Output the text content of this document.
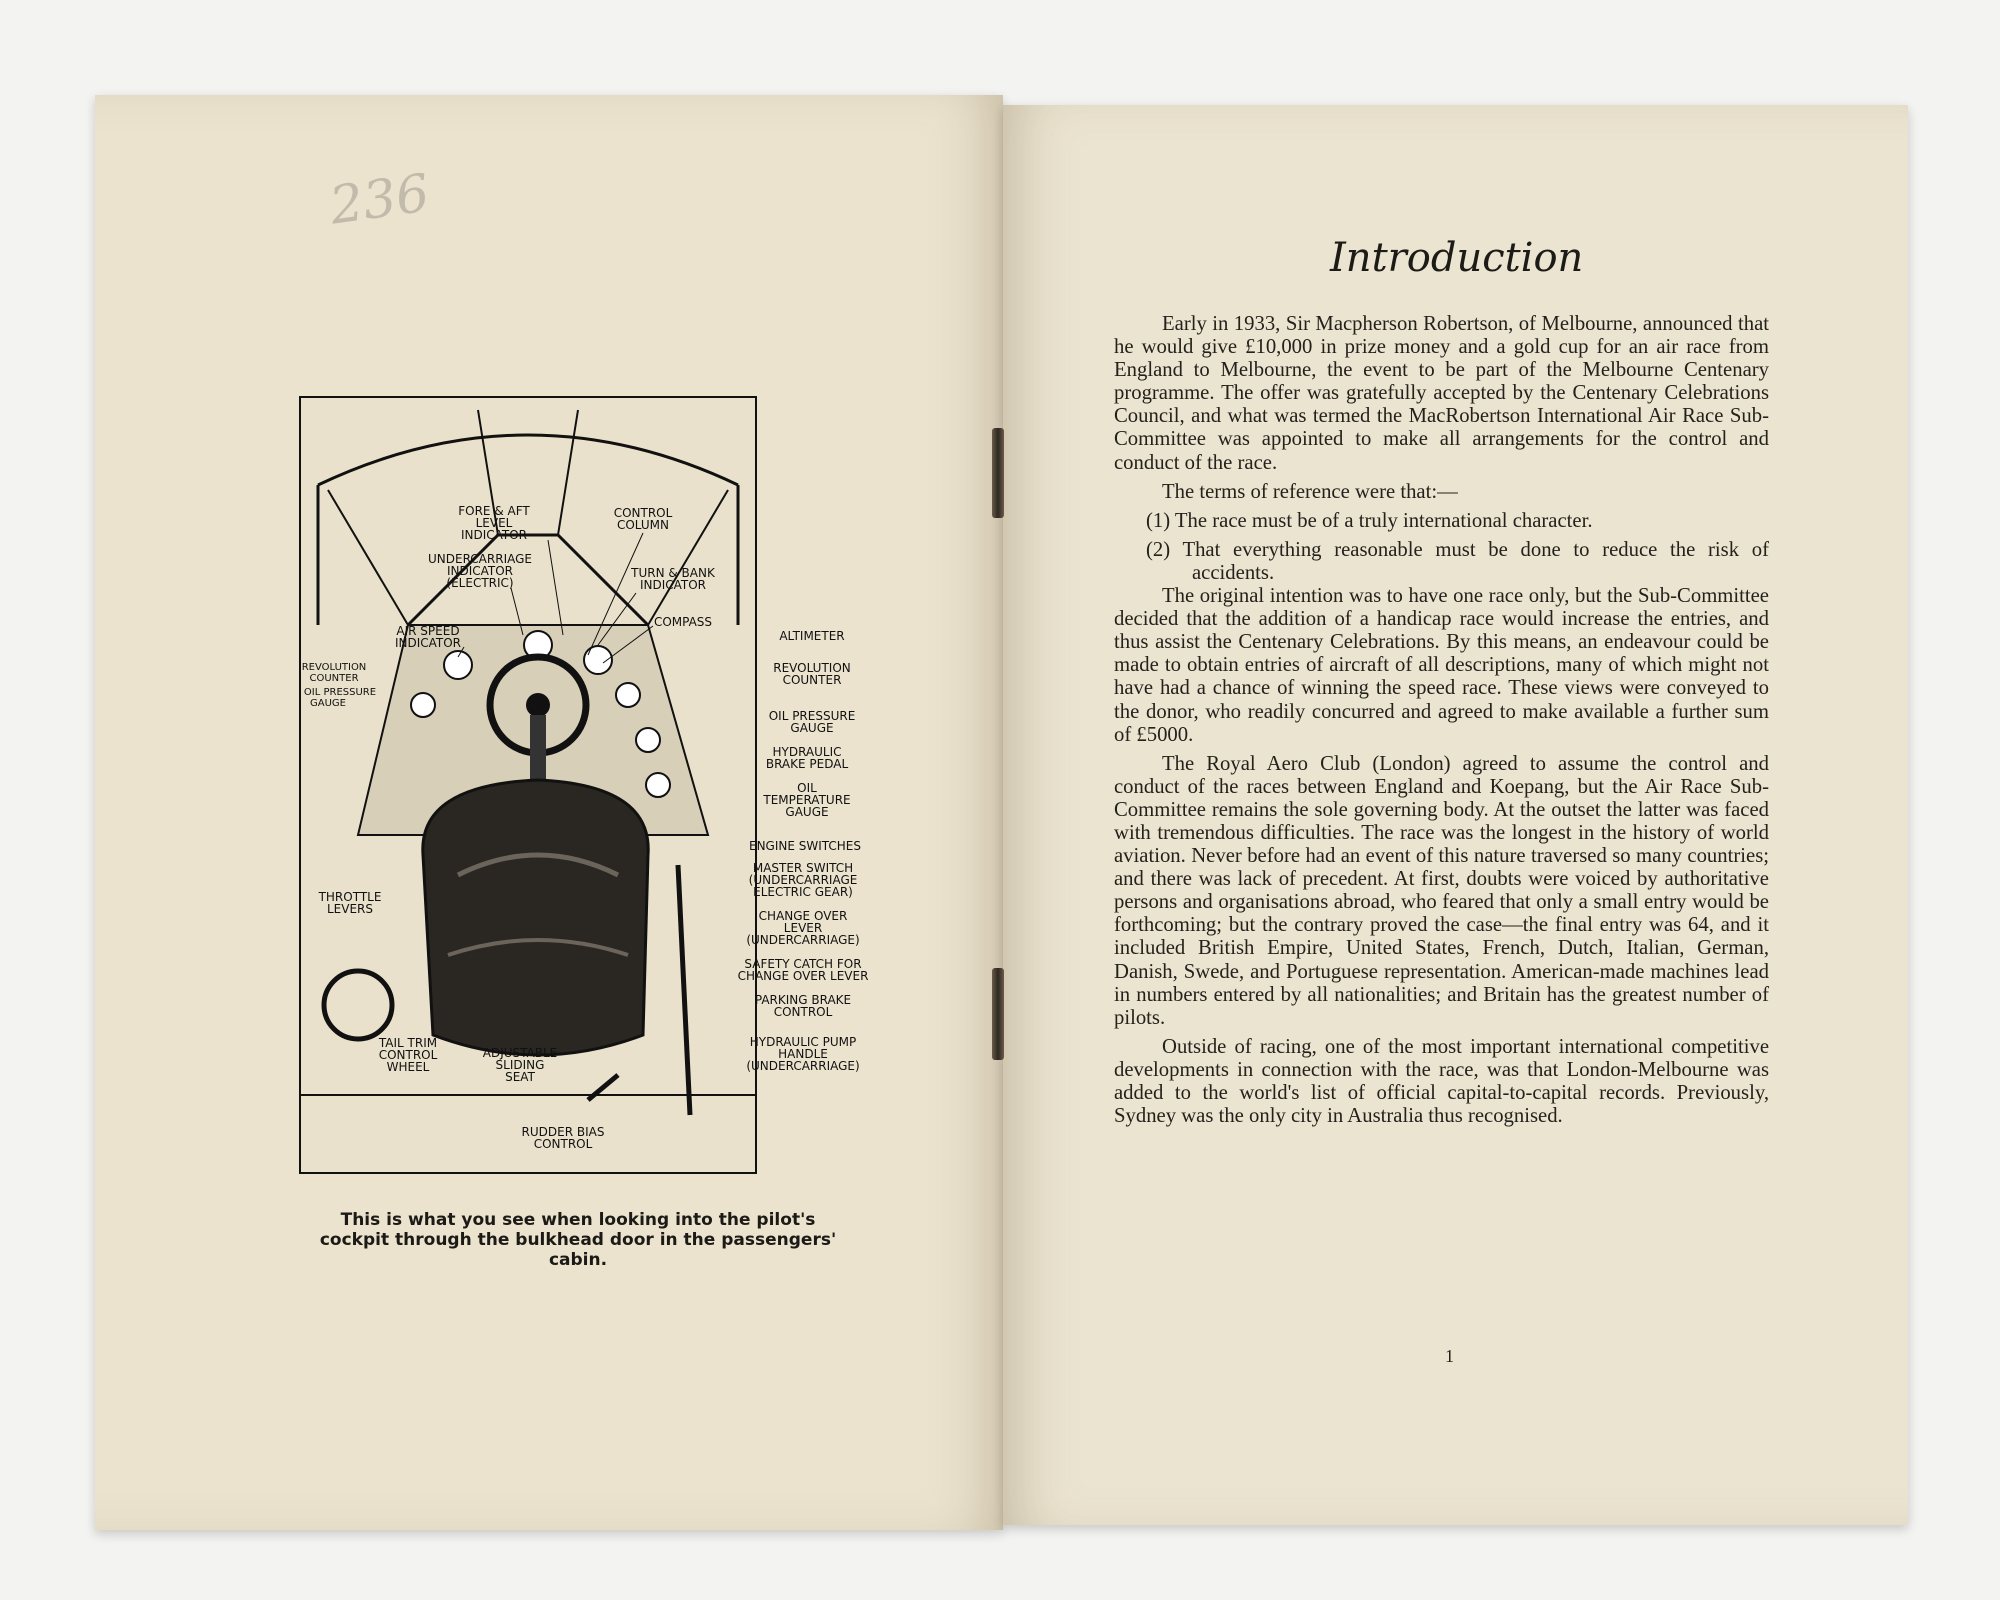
236
FORE & AFT
LEVEL
INDICATOR
CONTROL
COLUMN
UNDERCARRIAGE
INDICATOR
(ELECTRIC)
TURN & BANK
INDICATOR
COMPASS
AIR SPEED
INDICATOR
REVOLUTION
COUNTER
OIL PRESSURE
GAUGE
THROTTLE
LEVERS
TAIL TRIM
CONTROL
WHEEL
ADJUSTABLE
SLIDING
SEAT
RUDDER BIAS
CONTROL
ALTIMETER
REVOLUTION
COUNTER
OIL PRESSURE
GAUGE
HYDRAULIC
BRAKE PEDAL
OIL
TEMPERATURE
GAUGE
ENGINE SWITCHES
MASTER SWITCH
(UNDERCARRIAGE
ELECTRIC GEAR)
CHANGE OVER
LEVER
(UNDERCARRIAGE)
SAFETY CATCH FOR
CHANGE OVER LEVER
PARKING BRAKE
CONTROL
HYDRAULIC PUMP
HANDLE
(UNDERCARRIAGE)
This is what you see when looking into the pilot's
cockpit through the bulkhead door in the passengers'
cabin.
Introduction

Early in 1933, Sir Macpherson Robertson, of Melbourne, announced that he would give £10,000 in prize money and a gold cup for an air race from England to Melbourne, the event to be part of the Melbourne Centenary programme. The offer was gratefully accepted by the Centenary Celebrations Council, and what was termed the MacRobertson International Air Race Sub-Committee was appointed to make all arrangements for the control and conduct of the race.

The terms of reference were that:—

(1) The race must be of a truly international character.
(2) That everything reasonable must be done to reduce the risk of accidents.

The original intention was to have one race only, but the Sub-Committee decided that the addition of a handicap race would increase the entries, and thus assist the Centenary Celebrations. By this means, an endeavour could be made to obtain entries of aircraft of all descriptions, many of which might not have had a chance of winning the speed race. These views were conveyed to the donor, who readily concurred and agreed to make available a further sum of £5000.

The Royal Aero Club (London) agreed to assume the control and conduct of the races between England and Koepang, but the Air Race Sub-Committee remains the sole governing body. At the outset the latter was faced with tremendous difficulties. The race was the longest in the history of world aviation. Never before had an event of this nature traversed so many countries; and there was lack of precedent. At first, doubts were voiced by authoritative persons and organisations abroad, who feared that only a small entry would be forthcoming; but the contrary proved the case—the final entry was 64, and it included British Empire, United States, French, Dutch, Italian, German, Danish, Swede, and Portuguese representation. American-made machines lead in numbers entered by all nationalities; and Britain has the greatest number of pilots.

Outside of racing, one of the most important international competitive developments in connection with the race, was that London-Melbourne was added to the world's list of official capital-to-capital records. Previously, Sydney was the only city in Australia thus recognised.

1
